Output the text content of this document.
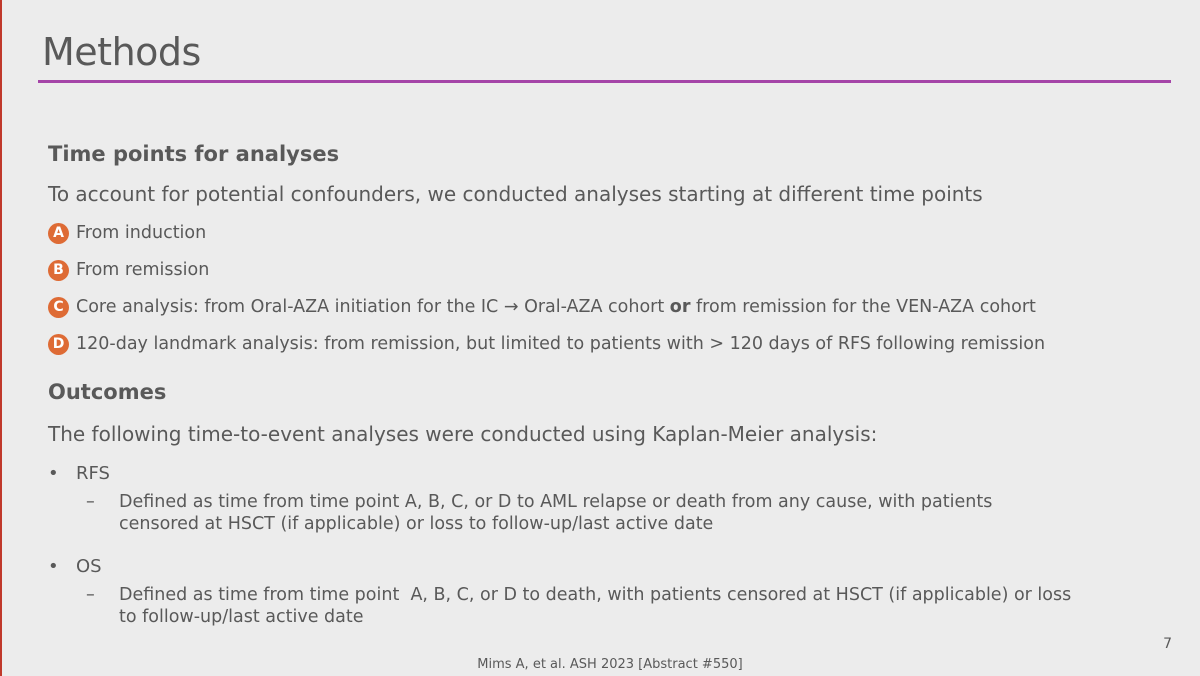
Methods
Time points for analyses
To account for potential confounders, we conducted analyses starting at different time points
A From induction
B From remission
C Core analysis: from Oral-AZA initiation for the IC → Oral-AZA cohort or from remission for the VEN-AZA cohort
D 120-day landmark analysis: from remission, but limited to patients with > 120 days of RFS following remission
Outcomes
The following time-to-event analyses were conducted using Kaplan-Meier analysis:
• RFS
–	Defined as time from time point A, B, C, or D to AML relapse or death from any cause, with patients censored at HSCT (if applicable) or loss to follow-up/last active date
• OS
–	Defined as time from time point  A, B, C, or D to death, with patients censored at HSCT (if applicable) or loss to follow-up/last active date
7
Mims A, et al. ASH 2023 [Abstract #550]
